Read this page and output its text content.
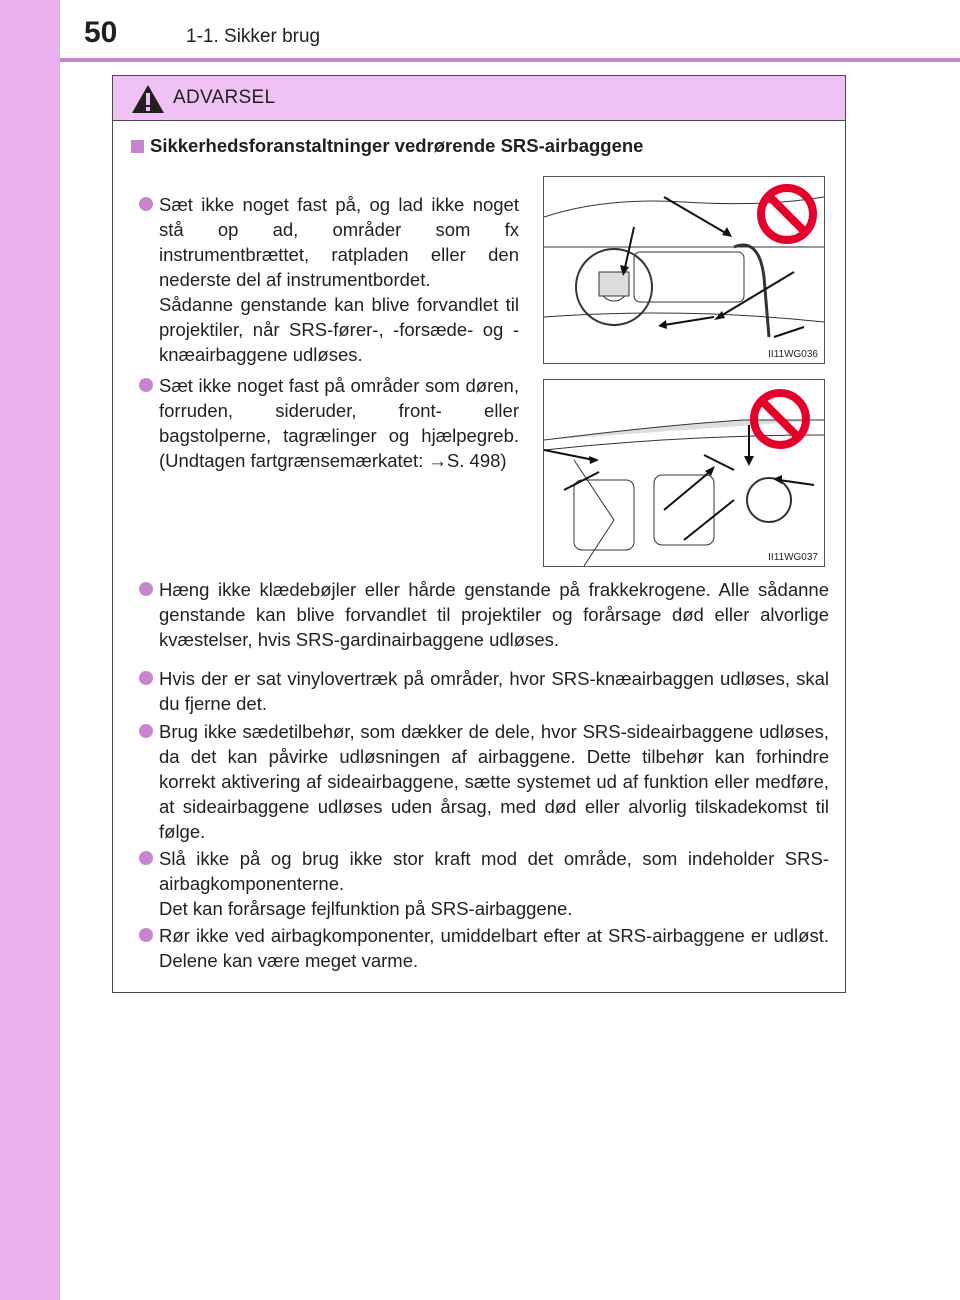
50	1-1. Sikker brug
ADVARSEL
Sikkerhedsforanstaltninger vedrørende SRS-airbaggene

Sæt ikke noget fast på, og lad ikke noget stå op ad, områder som fx instrumentbrættet, ratpladen eller den nederste del af instrumentbordet.

Sådanne genstande kan blive forvandlet til projektiler, når SRS-fører-, -forsæde- og -knæairbaggene udløses.	II11WG036

Sæt ikke noget fast på områder som døren, forruden, sideruder, front- eller bagstolperne, tagrælinger og hjælpegreb. (Undtagen fartgrænsemærkatet: →S. 498)

II11WG037

Hæng ikke klædebøjler eller hårde genstande på frakkekrogene. Alle sådanne genstande kan blive forvandlet til projektiler og forårsage død eller alvorlige kvæstelser, hvis SRS-gardinairbaggene udløses.

Hvis der er sat vinylovertræk på områder, hvor SRS-knæairbaggen udløses, skal du fjerne det.

Brug ikke sædetilbehør, som dækker de dele, hvor SRS-sideairbaggene udløses, da det kan påvirke udløsningen af airbaggene. Dette tilbehør kan forhindre korrekt aktivering af sideairbaggene, sætte systemet ud af funktion eller medføre, at sideairbaggene udløses uden årsag, med død eller alvorlig tilskadekomst til følge.

Slå ikke på og brug ikke stor kraft mod det område, som indeholder SRS-airbagkomponenterne.

Det kan forårsage fejlfunktion på SRS-airbaggene.

Rør ikke ved airbagkomponenter, umiddelbart efter at SRS-airbaggene er udløst. Delene kan være meget varme.
